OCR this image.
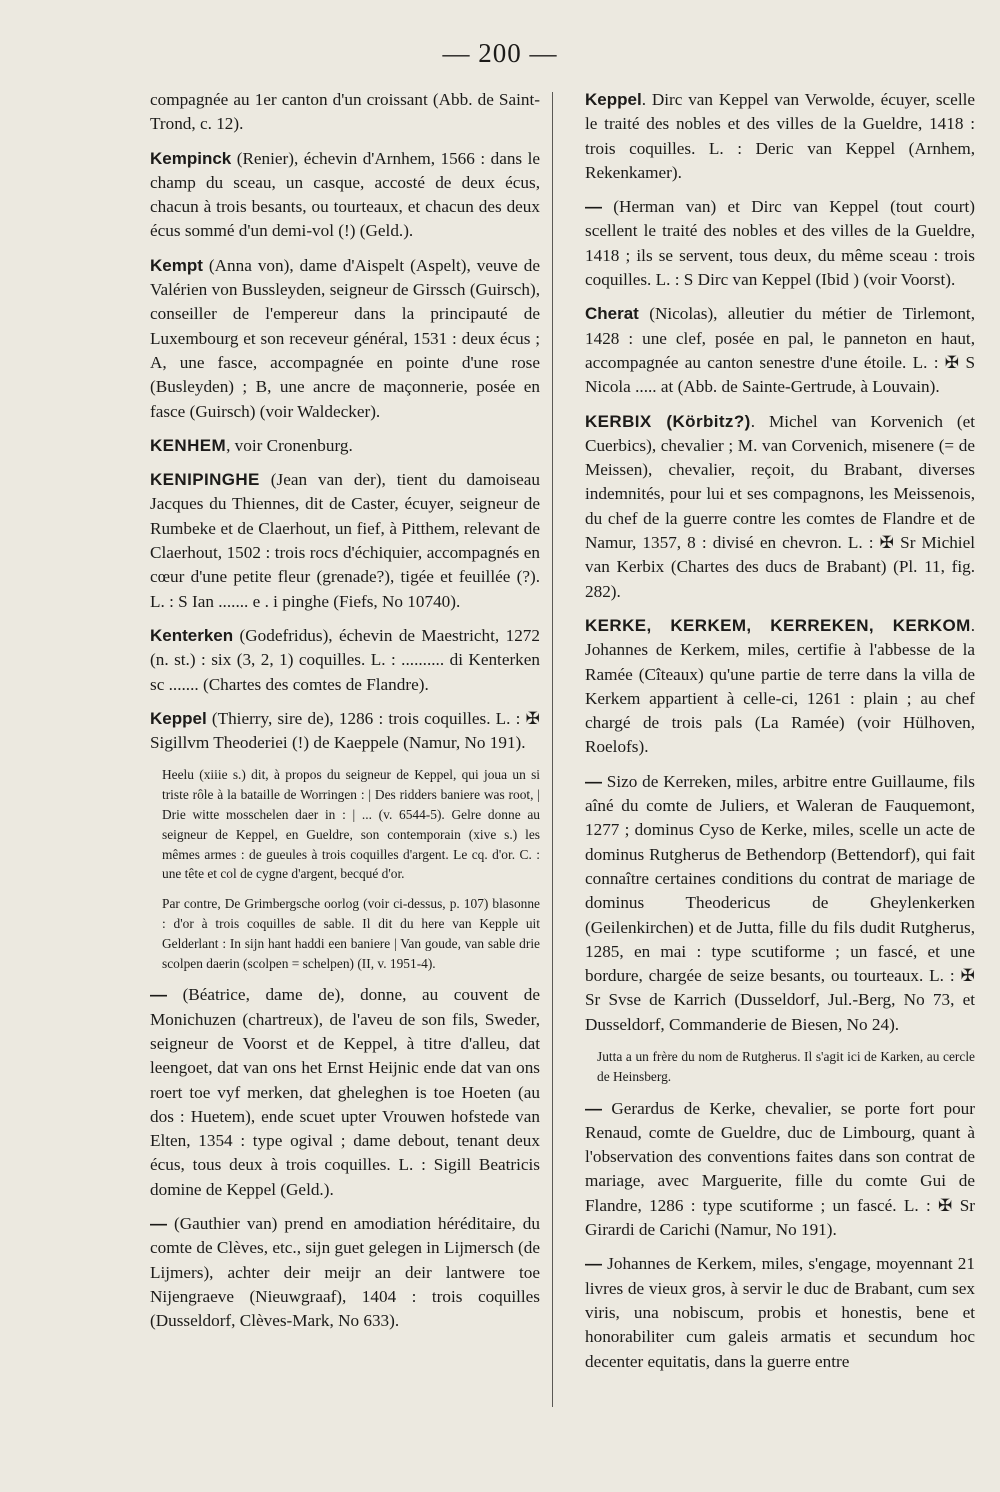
— 200 —

compagnée au 1er canton d'un croissant (Abb. de Saint-Trond, c. 12).

Kempinck (Renier), échevin d'Arnhem, 1566 : dans le champ du sceau, un casque, accosté de deux écus, chacun à trois besants, ou tourteaux, et chacun des deux écus sommé d'un demi-vol (!) (Geld.).

Kempt (Anna von), dame d'Aispelt (Aspelt), veuve de Valérien von Bussleyden, seigneur de Girssch (Guirsch), conseiller de l'empereur dans la principauté de Luxembourg et son receveur général, 1531 : deux écus ; A, une fasce, accompagnée en pointe d'une rose (Busleyden) ; B, une ancre de maçonnerie, posée en fasce (Guirsch) (voir Waldecker).

KENHEM, voir Cronenburg.

KENIPINGHE (Jean van der), tient du damoiseau Jacques du Thiennes, dit de Caster, écuyer, seigneur de Rumbeke et de Claerhout, un fief, à Pitthem, relevant de Claerhout, 1502 : trois rocs d'échiquier, accompagnés en cœur d'une petite fleur (grenade?), tigée et feuillée (?). L. : S Ian ....... e . i pinghe (Fiefs, No 10740).

Kenterken (Godefridus), échevin de Maestricht, 1272 (n. st.) : six (3, 2, 1) coquilles. L. : .......... di Kenterken sc ....... (Chartes des comtes de Flandre).

Keppel (Thierry, sire de), 1286 : trois coquilles. L. : ✠ Sigillvm Theoderiei (!) de Kaeppele (Namur, No 191).

Heelu (xiiie s.) dit, à propos du seigneur de Keppel, qui joua un si triste rôle à la bataille de Worringen : | Des ridders baniere was root, | Drie witte mosschelen daer in : | ... (v. 6544-5). Gelre donne au seigneur de Keppel, en Gueldre, son contemporain (xive s.) les mêmes armes : de gueules à trois coquilles d'argent. Le cq. d'or. C. : une tête et col de cygne d'argent, becqué d'or.
Par contre, De Grimbergsche oorlog (voir ci-dessus, p. 107) blasonne : d'or à trois coquilles de sable. Il dit du here van Kepple uit Gelderlant : In sijn hant haddi een baniere | Van goude, van sable drie scolpen daerin (scolpen = schelpen) (II, v. 1951-4).

— (Béatrice, dame de), donne, au couvent de Monichuzen (chartreux), de l'aveu de son fils, Sweder, seigneur de Voorst et de Keppel, à titre d'alleu, dat leengoet, dat van ons het Ernst Heijnic ende dat van ons roert toe vyf merken, dat gheleghen is toe Hoeten (au dos : Huetem), ende scuet upter Vrouwen hofstede van Elten, 1354 : type ogival ; dame debout, tenant deux écus, tous deux à trois coquilles. L. : Sigill Beatricis domine de Keppel (Geld.).

— (Gauthier van) prend en amodiation héréditaire, du comte de Clèves, etc., sijn guet gelegen in Lijmersch (de Lijmers), achter deir meijr an deir lantwere toe Nijengraeve (Nieuwgraaf), 1404 : trois coquilles (Dusseldorf, Clèves-Mark, No 633).

Keppel. Dirc van Keppel van Verwolde, écuyer, scelle le traité des nobles et des villes de la Gueldre, 1418 : trois coquilles. L. : Deric van Keppel (Arnhem, Rekenkamer).

— (Herman van) et Dirc van Keppel (tout court) scellent le traité des nobles et des villes de la Gueldre, 1418 ; ils se servent, tous deux, du même sceau : trois coquilles. L. : S Dirc van Keppel (Ibid ) (voir Voorst).

Cherat (Nicolas), alleutier du métier de Tirlemont, 1428 : une clef, posée en pal, le panneton en haut, accompagnée au canton senestre d'une étoile. L. : ✠ S Nicola ..... at (Abb. de Sainte-Gertrude, à Louvain).

KERBIX (Körbitz?). Michel van Korvenich (et Cuerbics), chevalier ; M. van Corvenich, misenere (= de Meissen), chevalier, reçoit, du Brabant, diverses indemnités, pour lui et ses compagnons, les Meissenois, du chef de la guerre contre les comtes de Flandre et de Namur, 1357, 8 : divisé en chevron. L. : ✠ Sr Michiel van Kerbix (Chartes des ducs de Brabant) (Pl. 11, fig. 282).

KERKE, KERKEM, KERREKEN, KERKOM. Johannes de Kerkem, miles, certifie à l'abbesse de la Ramée (Cîteaux) qu'une partie de terre dans la villa de Kerkem appartient à celle-ci, 1261 : plain ; au chef chargé de trois pals (La Ramée) (voir Hülhoven, Roelofs).

— Sizo de Kerreken, miles, arbitre entre Guillaume, fils aîné du comte de Juliers, et Waleran de Fauquemont, 1277 ; dominus Cyso de Kerke, miles, scelle un acte de dominus Rutgherus de Bethendorp (Bettendorf), qui fait connaître certaines conditions du contrat de mariage de dominus Theodericus de Gheylenkerken (Geilenkirchen) et de Jutta, fille du fils dudit Rutgherus, 1285, en mai : type scutiforme ; un fascé, et une bordure, chargée de seize besants, ou tourteaux. L. : ✠ Sr Svse de Karrich (Dusseldorf, Jul.-Berg, No 73, et Dusseldorf, Commanderie de Biesen, No 24).

Jutta a un frère du nom de Rutgherus. Il s'agit ici de Karken, au cercle de Heinsberg.

— Gerardus de Kerke, chevalier, se porte fort pour Renaud, comte de Gueldre, duc de Limbourg, quant à l'observation des conventions faites dans son contrat de mariage, avec Marguerite, fille du comte Gui de Flandre, 1286 : type scutiforme ; un fascé. L. : ✠ Sr Girardi de Carichi (Namur, No 191).

— Johannes de Kerkem, miles, s'engage, moyennant 21 livres de vieux gros, à servir le duc de Brabant, cum sex viris, una nobiscum, probis et honestis, bene et honorabiliter cum galeis armatis et secundum hoc decenter equitatis, dans la guerre entre
